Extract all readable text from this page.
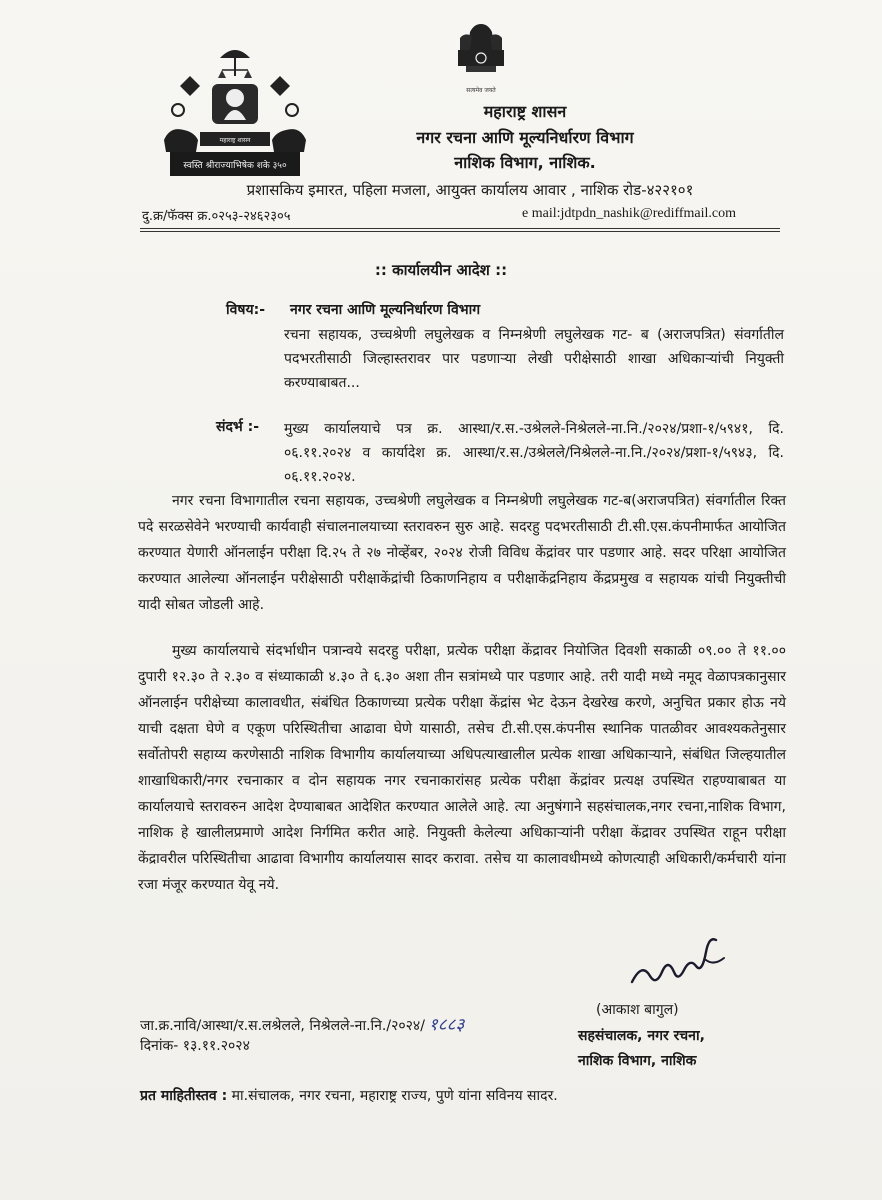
महाराष्ट्र शासन
स्वस्ति श्रीराज्याभिषेक शके ३५०
सत्यमेव जयते
महाराष्ट्र शासन
नगर रचना आणि मूल्यनिर्धारण विभाग
नाशिक विभाग, नाशिक.
प्रशासकिय इमारत, पहिला मजला, आयुक्त कार्यालय आवार , नाशिक रोड-४२२१०१
दु.क्र/फॅक्स क्र.०२५३-२४६२३०५	e mail:jdtpdn_nashik@rediffmail.com
:: कार्यालयीन आदेश ::
विषय:- नगर रचना आणि मूल्यनिर्धारण विभाग
रचना सहायक, उच्चश्रेणी लघुलेखक व निम्नश्रेणी लघुलेखक गट- ब (अराजपत्रित) संवर्गातील पदभरतीसाठी जिल्हास्तरावर पार पडणाऱ्या लेखी परीक्षेसाठी शाखा अधिकाऱ्यांची नियुक्ती करण्याबाबत...
संदर्भ :- मुख्य कार्यालयाचे पत्र क्र. आस्था/र.स.-उश्रेलले-निश्रेलले-ना.नि./२०२४/प्रशा-१/५९४१, दि. ०६.११.२०२४ व कार्यादेश क्र. आस्था/र.स./उश्रेलले/निश्रेलले-ना.नि./२०२४/प्रशा-१/५९४३, दि. ०६.११.२०२४.
नगर रचना विभागातील रचना सहायक, उच्चश्रेणी लघुलेखक व निम्नश्रेणी लघुलेखक गट-ब(अराजपत्रित) संवर्गातील रिक्त पदे सरळसेवेने भरण्याची कार्यवाही संचालनालयाच्या स्तरावरुन सुरु आहे. सदरहु पदभरतीसाठी टी.सी.एस.कंपनीमार्फत आयोजित करण्यात येणारी ऑनलाईन परीक्षा दि.२५ ते २७ नोव्हेंबर, २०२४ रोजी विविध केंद्रांवर पार पडणार आहे. सदर परिक्षा आयोजित करण्यात आलेल्या ऑनलाईन परीक्षेसाठी परीक्षाकेंद्रांची ठिकाणनिहाय व परीक्षाकेंद्रनिहाय केंद्रप्रमुख व सहायक यांची नियुक्तीची यादी सोबत जोडली आहे.
मुख्य कार्यालयाचे संदर्भाधीन पत्रान्वये सदरहु परीक्षा, प्रत्येक परीक्षा केंद्रावर नियोजित दिवशी सकाळी ०९.०० ते ११.०० दुपारी १२.३० ते २.३० व संध्याकाळी ४.३० ते ६.३० अशा तीन सत्रांमध्ये पार पडणार आहे. तरी यादी मध्ये नमूद वेळापत्रकानुसार ऑनलाईन परीक्षेच्या कालावधीत, संबंधित ठिकाणच्या प्रत्येक परीक्षा केंद्रांस भेट देऊन देखरेख करणे, अनुचित प्रकार होऊ नये याची दक्षता घेणे व एकूण परिस्थितीचा आढावा घेणे यासाठी, तसेच टी.सी.एस.कंपनीस स्थानिक पातळीवर आवश्यकतेनुसार सर्वोतोपरी सहाय्य करणेसाठी नाशिक विभागीय कार्यालयाच्या अधिपत्याखालील प्रत्येक शाखा अधिकाऱ्याने, संबंधित जिल्हयातील शाखाधिकारी/नगर रचनाकार व दोन सहायक नगर रचनाकारांसह प्रत्येक परीक्षा केंद्रांवर प्रत्यक्ष उपस्थित राहण्याबाबत या कार्यालयाचे स्तरावरुन आदेश देण्याबाबत आदेशित करण्यात आलेले आहे. त्या अनुषंगाने सहसंचालक,नगर रचना,नाशिक विभाग, नाशिक हे खालीलप्रमाणे आदेश निर्गमित करीत आहे. नियुक्ती केलेल्या अधिकाऱ्यांनी परीक्षा केंद्रावर उपस्थित राहून परीक्षा केंद्रावरील परिस्थितीचा आढावा विभागीय कार्यालयास सादर करावा. तसेच या कालावधीमध्ये कोणत्याही अधिकारी/कर्मचारी यांना रजा मंजूर करण्यात येवू नये.
(आकाश बागुल)
सहसंचालक, नगर रचना,
नाशिक विभाग, नाशिक
जा.क्र.नावि/आस्था/र.स.लश्रेलले, निश्रेलले-ना.नि./२०२४/ १८८३
दिनांक- १३.११.२०२४
प्रत माहितीस्तव : मा.संचालक, नगर रचना, महाराष्ट्र राज्य, पुणे यांना सविनय सादर.
